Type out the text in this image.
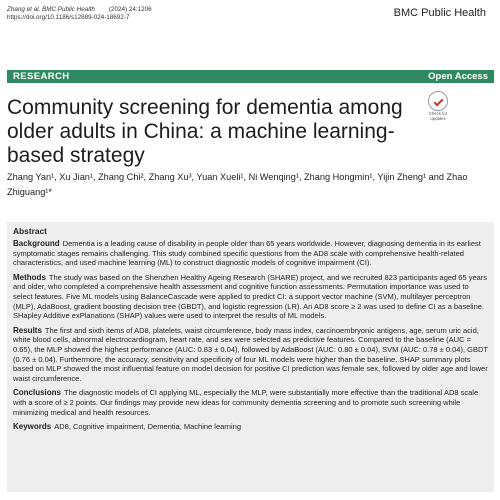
Zhang et al. BMC Public Health (2024) 24:1206
https://doi.org/10.1186/s12889-024-18692-7	BMC Public Health
RESEARCH	Open Access
Check for
updates
Community screening for dementia among older adults in China: a machine learning-based strategy
Zhang Yan¹, Xu Jian¹, Zhang Chi², Zhang Xu³, Yuan Xueli¹, Ni Wenqing¹, Zhang Hongmin¹, Yijin Zheng¹ and Zhao Zhiguang¹*
Abstract

Background Dementia is a leading cause of disability in people older than 65 years worldwide. However, diagnosing dementia in its earliest symptomatic stages remains challenging. This study combined specific questions from the AD8 scale with comprehensive health-related characteristics, and used machine learning (ML) to construct diagnostic models of cognitive impairment (CI).

Methods The study was based on the Shenzhen Healthy Ageing Research (SHARE) project, and we recruited 823 participants aged 65 years and older, who completed a comprehensive health assessment and cognitive function assessments. Permutation importance was used to select features. Five ML models using BalanceCascade were applied to predict CI: a support vector machine (SVM), multilayer perceptron (MLP), AdaBoost, gradient boosting decision tree (GBDT), and logistic regression (LR). An AD8 score ≥ 2 was used to define CI as a baseline. SHapley Additive exPlanations (SHAP) values were used to interpret the results of ML models.

Results The first and sixth items of AD8, platelets, waist circumference, body mass index, carcinoembryonic antigens, age, serum uric acid, white blood cells, abnormal electrocardiogram, heart rate, and sex were selected as predictive features. Compared to the baseline (AUC = 0.65), the MLP showed the highest performance (AUC: 0.83 ± 0.04), followed by AdaBoost (AUC: 0.80 ± 0.04), SVM (AUC: 0.78 ± 0.04), GBDT (0.76 ± 0.04). Furthermore, the accuracy, sensitivity and specificity of four ML models were higher than the baseline. SHAP summary plots based on MLP showed the most influential feature on model decision for positive CI prediction was female sex, followed by older age and lower waist circumference.

Conclusions The diagnostic models of CI applying ML, especially the MLP, were substantially more effective than the traditional AD8 scale with a score of ≥ 2 points. Our findings may provide new ideas for community dementia screening and to promote such screening while minimizing medical and health resources.

Keywords AD8, Cognitive impairment, Dementia, Machine learning
